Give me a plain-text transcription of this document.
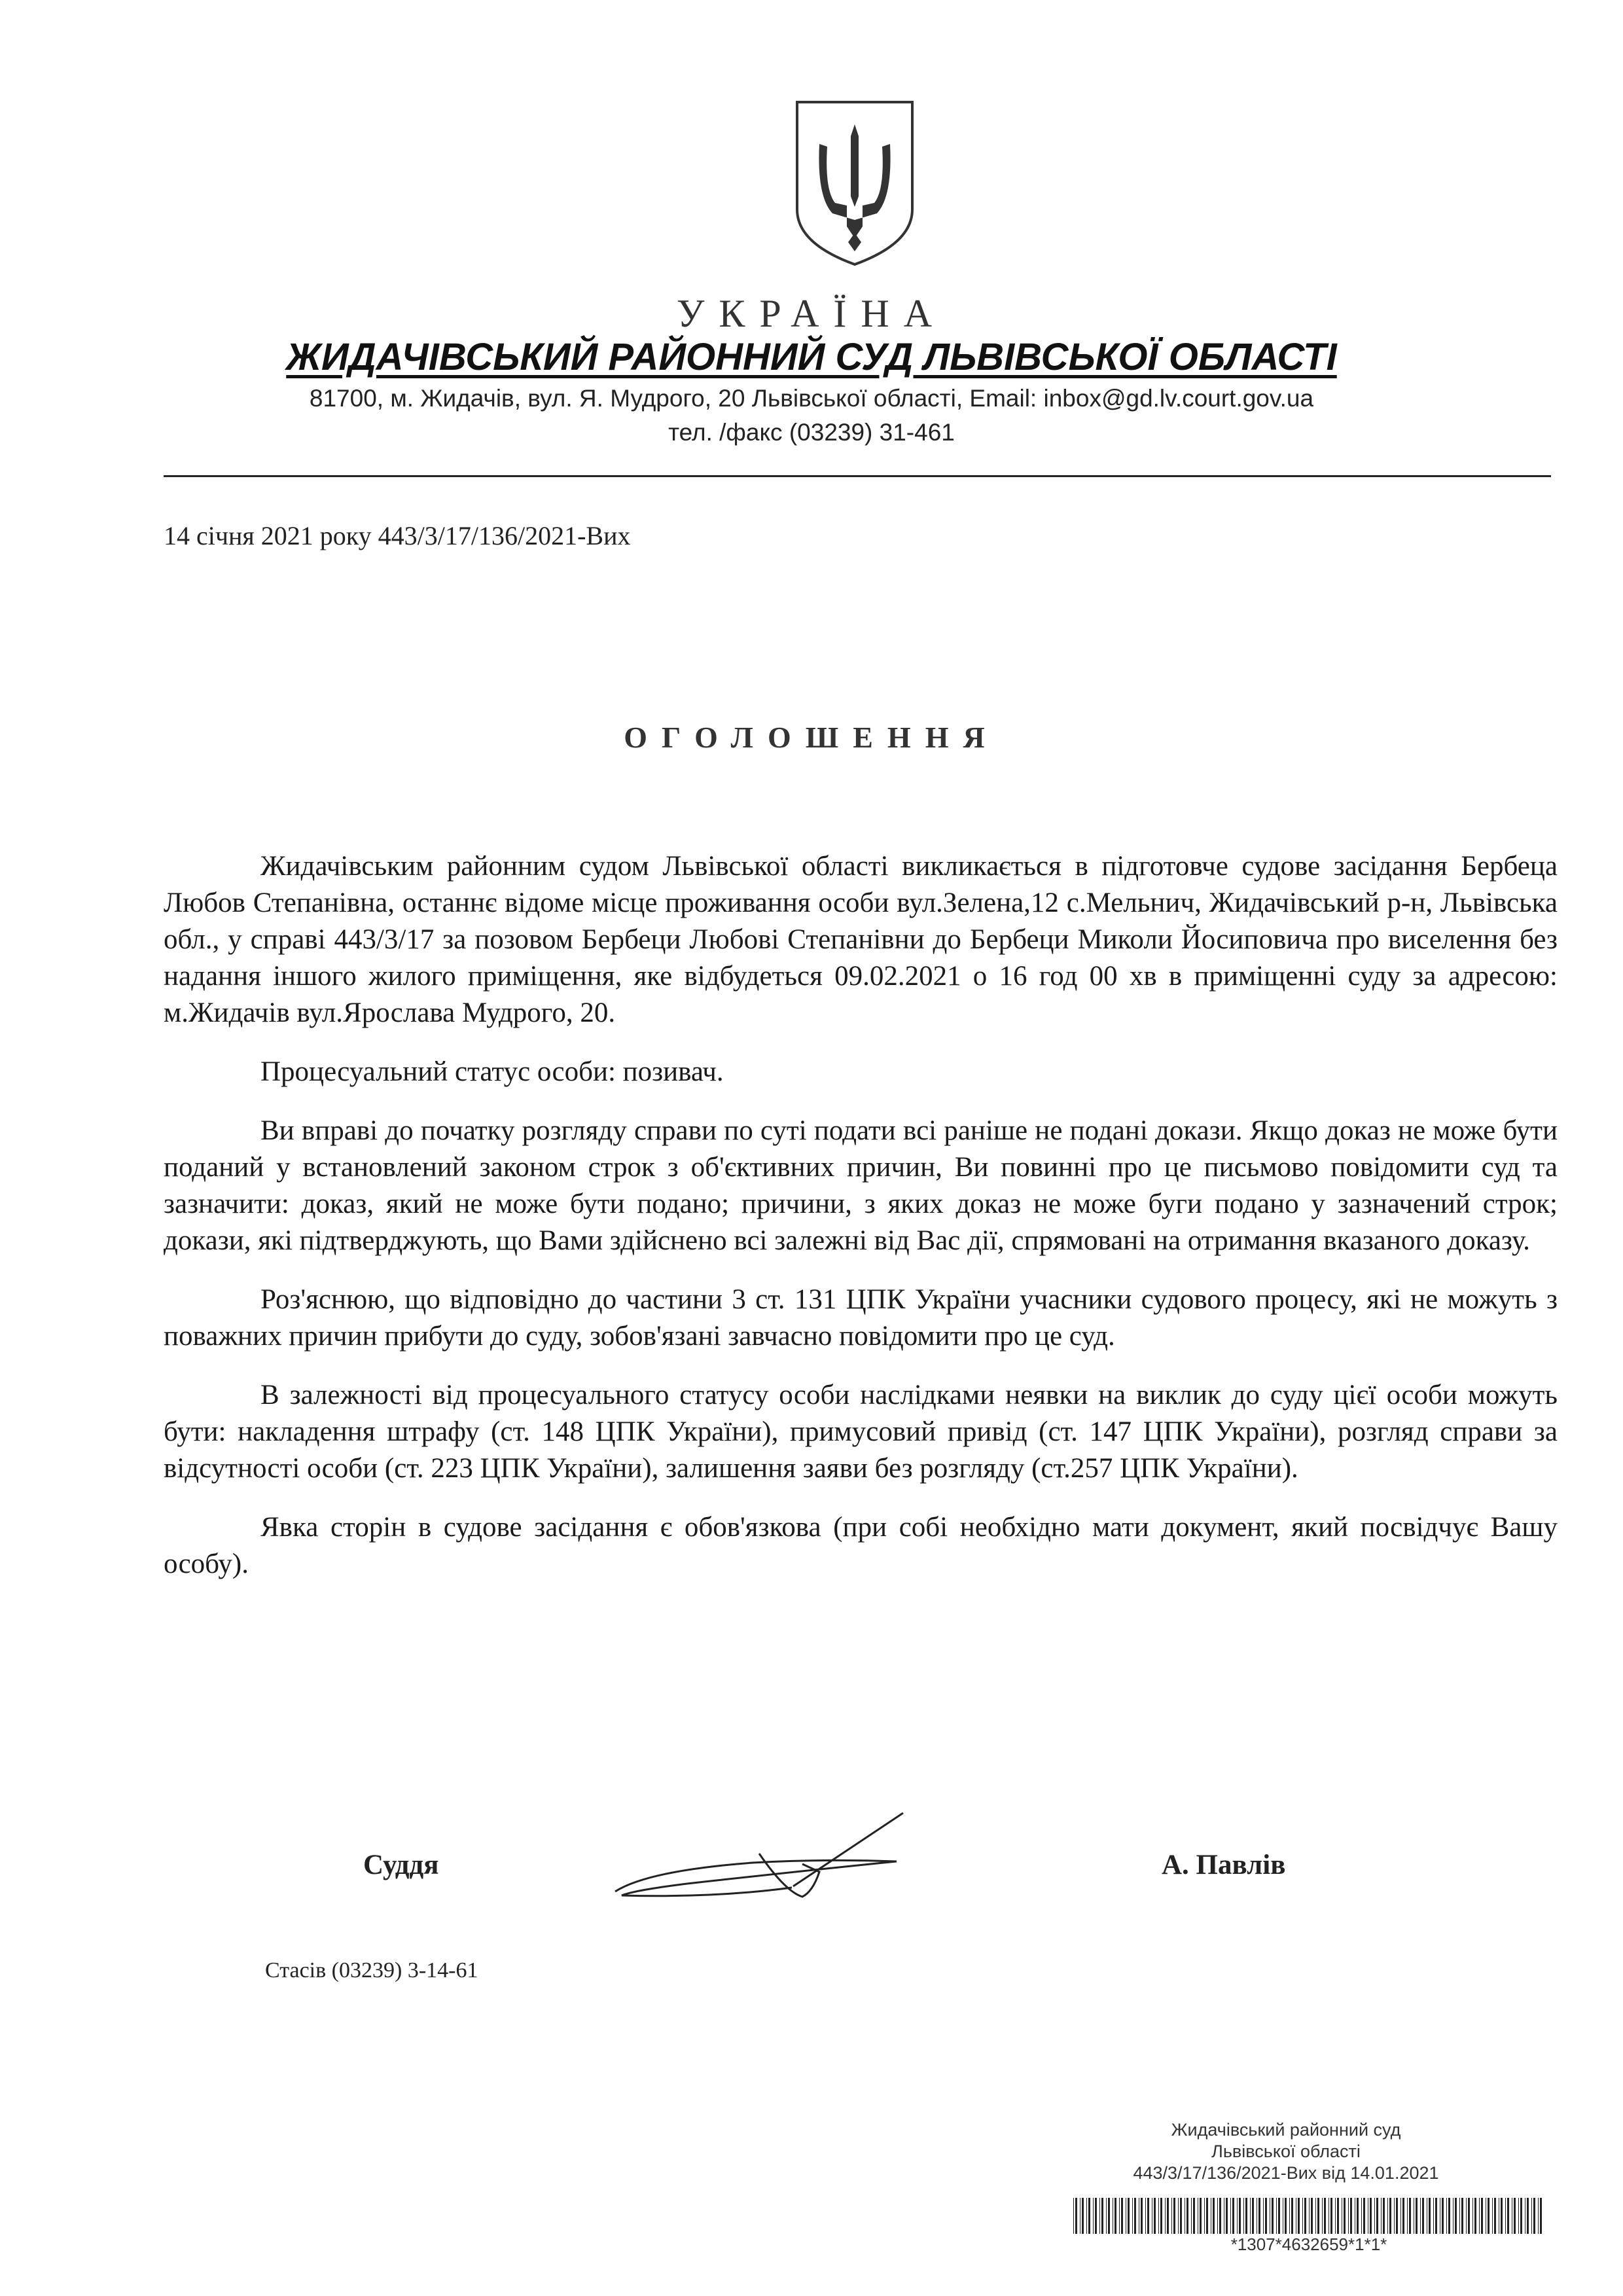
УКРАЇНА
ЖИДАЧІВСЬКИЙ РАЙОННИЙ СУД ЛЬВІВСЬКОЇ ОБЛАСТІ
81700, м. Жидачів, вул. Я. Мудрого, 20 Львівської області, Email: inbox@gd.lv.court.gov.ua
тел. /факс (03239) 31-461
14 січня 2021 року 443/3/17/136/2021-Вих
ОГОЛОШЕННЯ

Жидачівським районним судом Львівської області викликається в підготовче судове засідання Бербеца Любов Степанівна, останнє відоме місце проживання особи вул.Зелена,12 с.Мельнич, Жидачівський р-н, Львівська обл., у справі 443/3/17 за позовом Бербеци Любові Степанівни до Бербеци Миколи Йосиповича про виселення без надання іншого жилого приміщення, яке відбудеться 09.02.2021 о 16 год 00 хв в приміщенні суду за адресою: м.Жидачів вул.Ярослава Мудрого, 20.

Процесуальний статус особи: позивач.

Ви вправі до початку розгляду справи по суті подати всі раніше не подані докази. Якщо доказ не може бути поданий у встановлений законом строк з об'єктивних причин, Ви повинні про це письмово повідомити суд та зазначити: доказ, який не може бути подано; причини, з яких доказ не може буги подано у зазначений строк; докази, які підтверджують, що Вами здійснено всі залежні від Вас дії, спрямовані на отримання вказаного доказу.

Роз'яснюю, що відповідно до частини 3 ст. 131 ЦПК України учасники судового процесу, які не можуть з поважних причин прибути до суду, зобов'язані завчасно повідомити про це суд.

В залежності від процесуального статусу особи наслідками неявки на виклик до суду цієї особи можуть бути: накладення штрафу (ст. 148 ЦПК України), примусовий привід (ст. 147 ЦПК України), розгляд справи за відсутності особи (ст. 223 ЦПК України), залишення заяви без розгляду (ст.257 ЦПК України).

Явка сторін в судове засідання є обов'язкова (при собі необхідно мати документ, який посвідчує Вашу особу).

Суддя	А. Павлів
Стасів (03239) 3-14-61
Жидачівський районний суд
Львівської області
443/3/17/136/2021-Вих від 14.01.2021
*1307*4632659*1*1*
